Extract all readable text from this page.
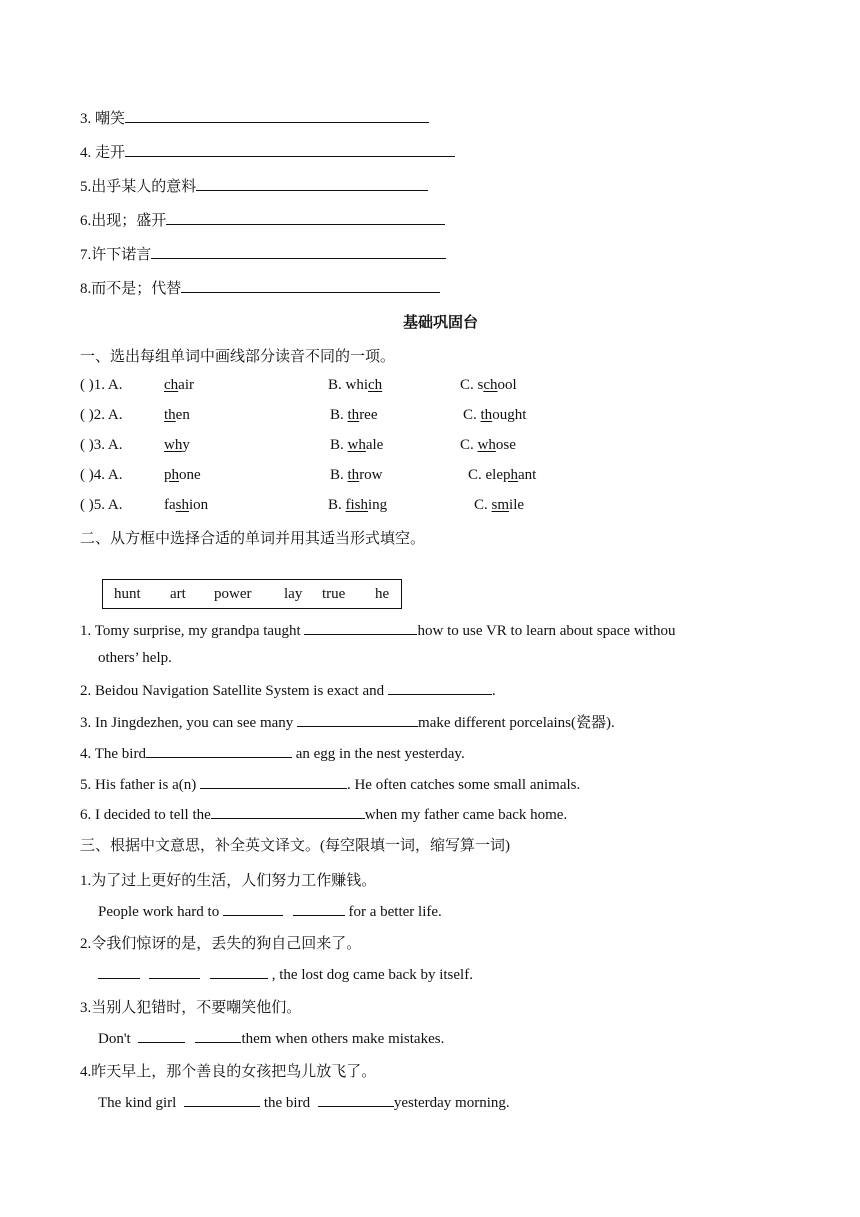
3. 嘲笑
4. 走开
5.出乎某人的意料
6.出现；盛开
7.许下诺言
8.而不是；代替
基础巩固台
一、选出每组单词中画线部分读音不同的一项。
( )1. A.	chair	B. which	C. school
( )2. A.	then	B. three	C. thought
( )3. A.	why	B. whale	C. whose
( )4. A.	phone	B. throw	C. elephant
( )5. A.	fashion	B. fishing	C. smile
二、从方框中选择合适的单词并用其适当形式填空。
hunt art power lay true he
1. Tomy surprise, my grandpa taught	how to use VR to learn about space withou
others’ help.
2. Beidou Navigation Satellite System is exact and	.
3. In Jingdezhen, you can see many	make different porcelains(瓷器).
4. The bird	an egg in the nest yesterday.
5. His father is a(n)	. He often catches some small animals.
6. I decided to tell the	when my father came back home.
三、根据中文意思，补全英文译文。(每空限填一词，缩写算一词)
1.为了过上更好的生活，人们努力工作赚钱。
People work hard to	for a better life.
2.令我们惊讶的是，丢失的狗自己回来了。
, the lost dog came back by itself.
3.当别人犯错时，不要嘲笑他们。
Don't	them when others make mistakes.
4.昨天早上，那个善良的女孩把鸟儿放飞了。
The kind girl	the bird	yesterday morning.
